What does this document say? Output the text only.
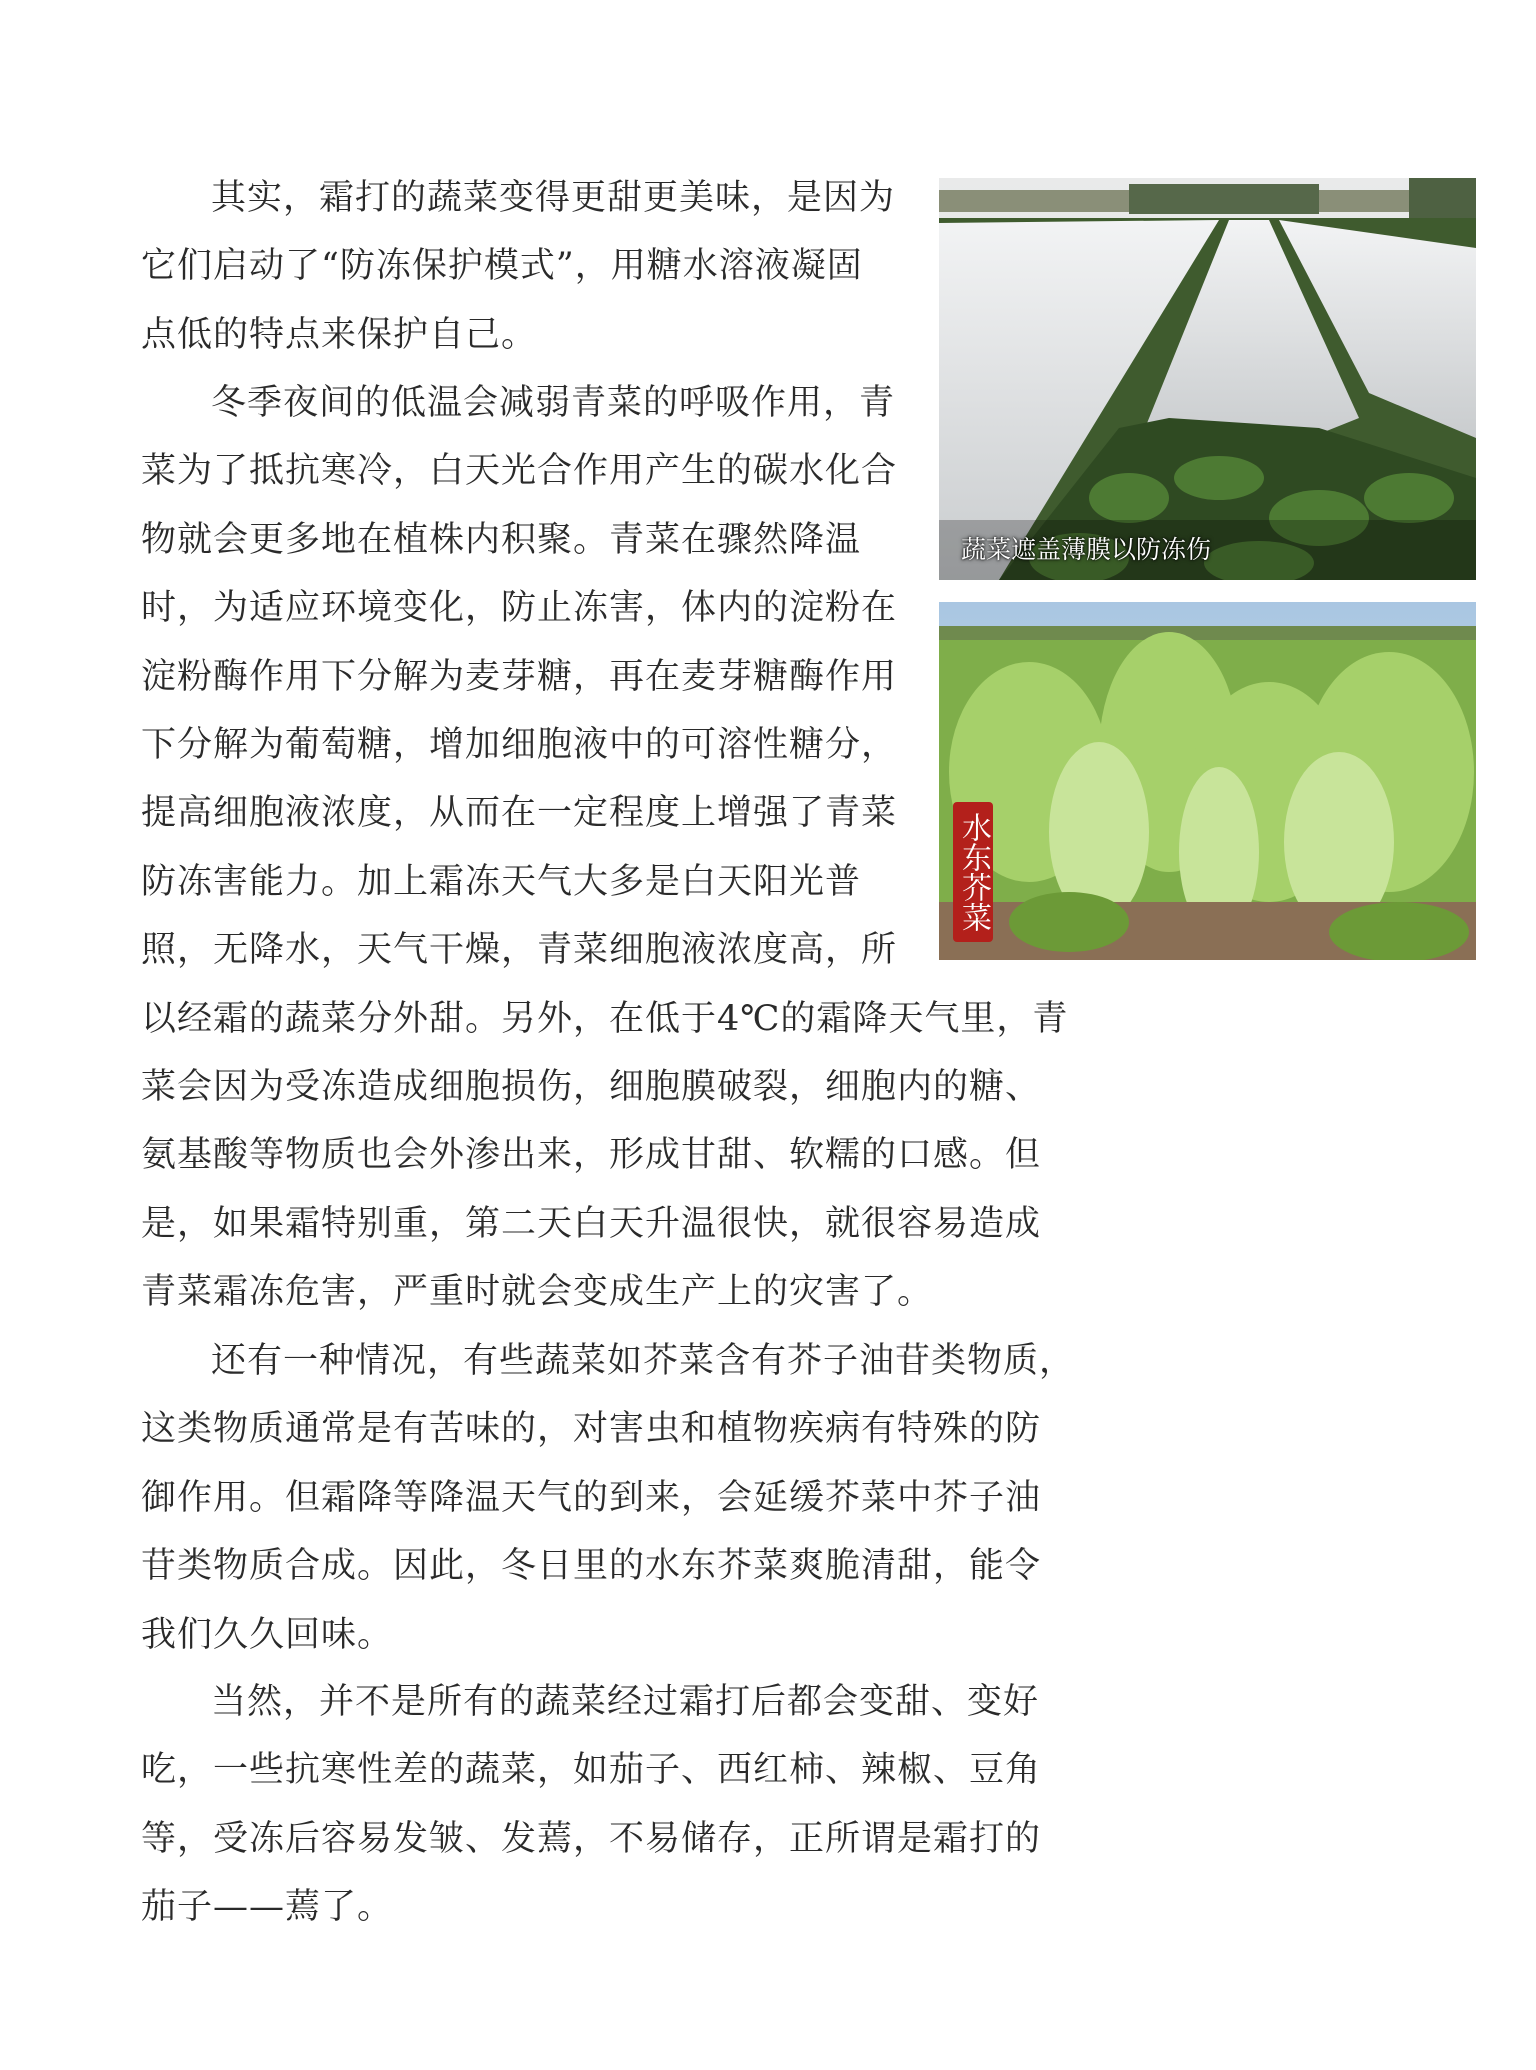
蔬菜遮盖薄膜以防冻伤
水东芥菜
其实，霜打的蔬菜变得更甜更美味，是因为
它们启动了“防冻保护模式”，用糖水溶液凝固
点低的特点来保护自己。
冬季夜间的低温会减弱青菜的呼吸作用，青
菜为了抵抗寒冷，白天光合作用产生的碳水化合
物就会更多地在植株内积聚。青菜在骤然降温
时，为适应环境变化，防止冻害，体内的淀粉在
淀粉酶作用下分解为麦芽糖，再在麦芽糖酶作用
下分解为葡萄糖，增加细胞液中的可溶性糖分，
提高细胞液浓度，从而在一定程度上增强了青菜
防冻害能力。加上霜冻天气大多是白天阳光普
照，无降水，天气干燥，青菜细胞液浓度高，所
以经霜的蔬菜分外甜。另外，在低于4℃的霜降天气里，青
菜会因为受冻造成细胞损伤，细胞膜破裂，细胞内的糖、
氨基酸等物质也会外渗出来，形成甘甜、软糯的口感。但
是，如果霜特别重，第二天白天升温很快，就很容易造成
青菜霜冻危害，严重时就会变成生产上的灾害了。
还有一种情况，有些蔬菜如芥菜含有芥子油苷类物质，
这类物质通常是有苦味的，对害虫和植物疾病有特殊的防
御作用。但霜降等降温天气的到来，会延缓芥菜中芥子油
苷类物质合成。因此，冬日里的水东芥菜爽脆清甜，能令
我们久久回味。
当然，并不是所有的蔬菜经过霜打后都会变甜、变好
吃，一些抗寒性差的蔬菜，如茄子、西红柿、辣椒、豆角
等，受冻后容易发皱、发蔫，不易储存，正所谓是霜打的
茄子——蔫了。
